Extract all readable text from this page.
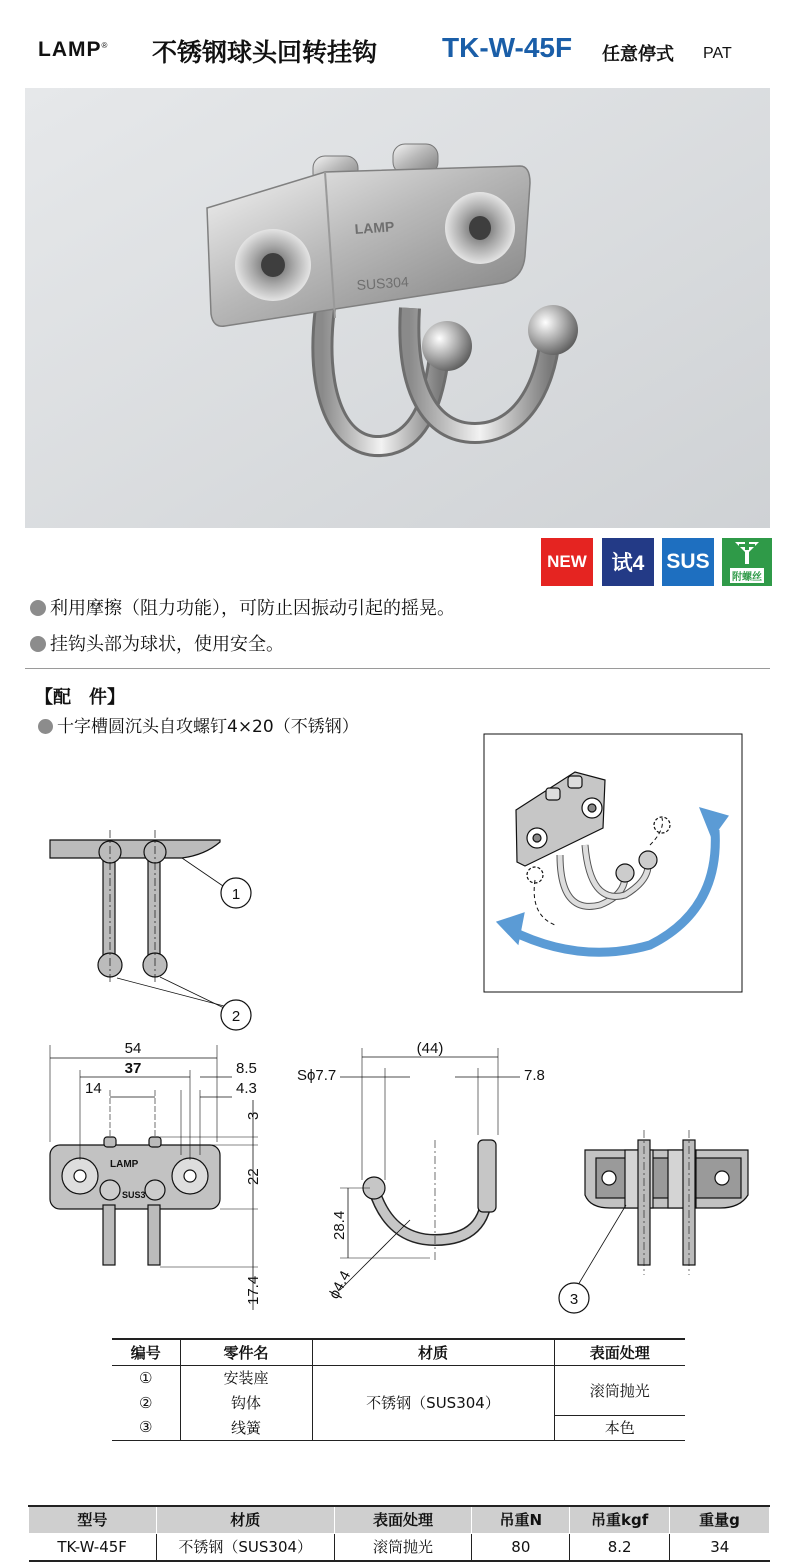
LAMP® 不锈钢球头回转挂钩 TK-W-45F 任意停式 PAT
LAMP
SUS304
NEW 试4 SUS
附螺丝
利用摩擦（阻力功能），可防止因振动引起的摇晃。
挂钩头部为球状，使用安全。
【配　件】
十字槽圆沉头自攻螺钉4×20（不锈钢）
1
2
3
54
37	8.5
14	4.3
3
22
17.4
LAMP
SUS3
(44)
Sϕ7.7	7.8
28.4
ϕ4.4
编号	零件名	材质	表面处理
①	安装座	不锈钢（SUS304）	滚筒抛光
②	钩体		
③	线簧		本色
型号	材质	表面处理	吊重N	吊重kgf	重量g
TK-W-45F	不锈钢（SUS304）	滚筒抛光	80	8.2	34
